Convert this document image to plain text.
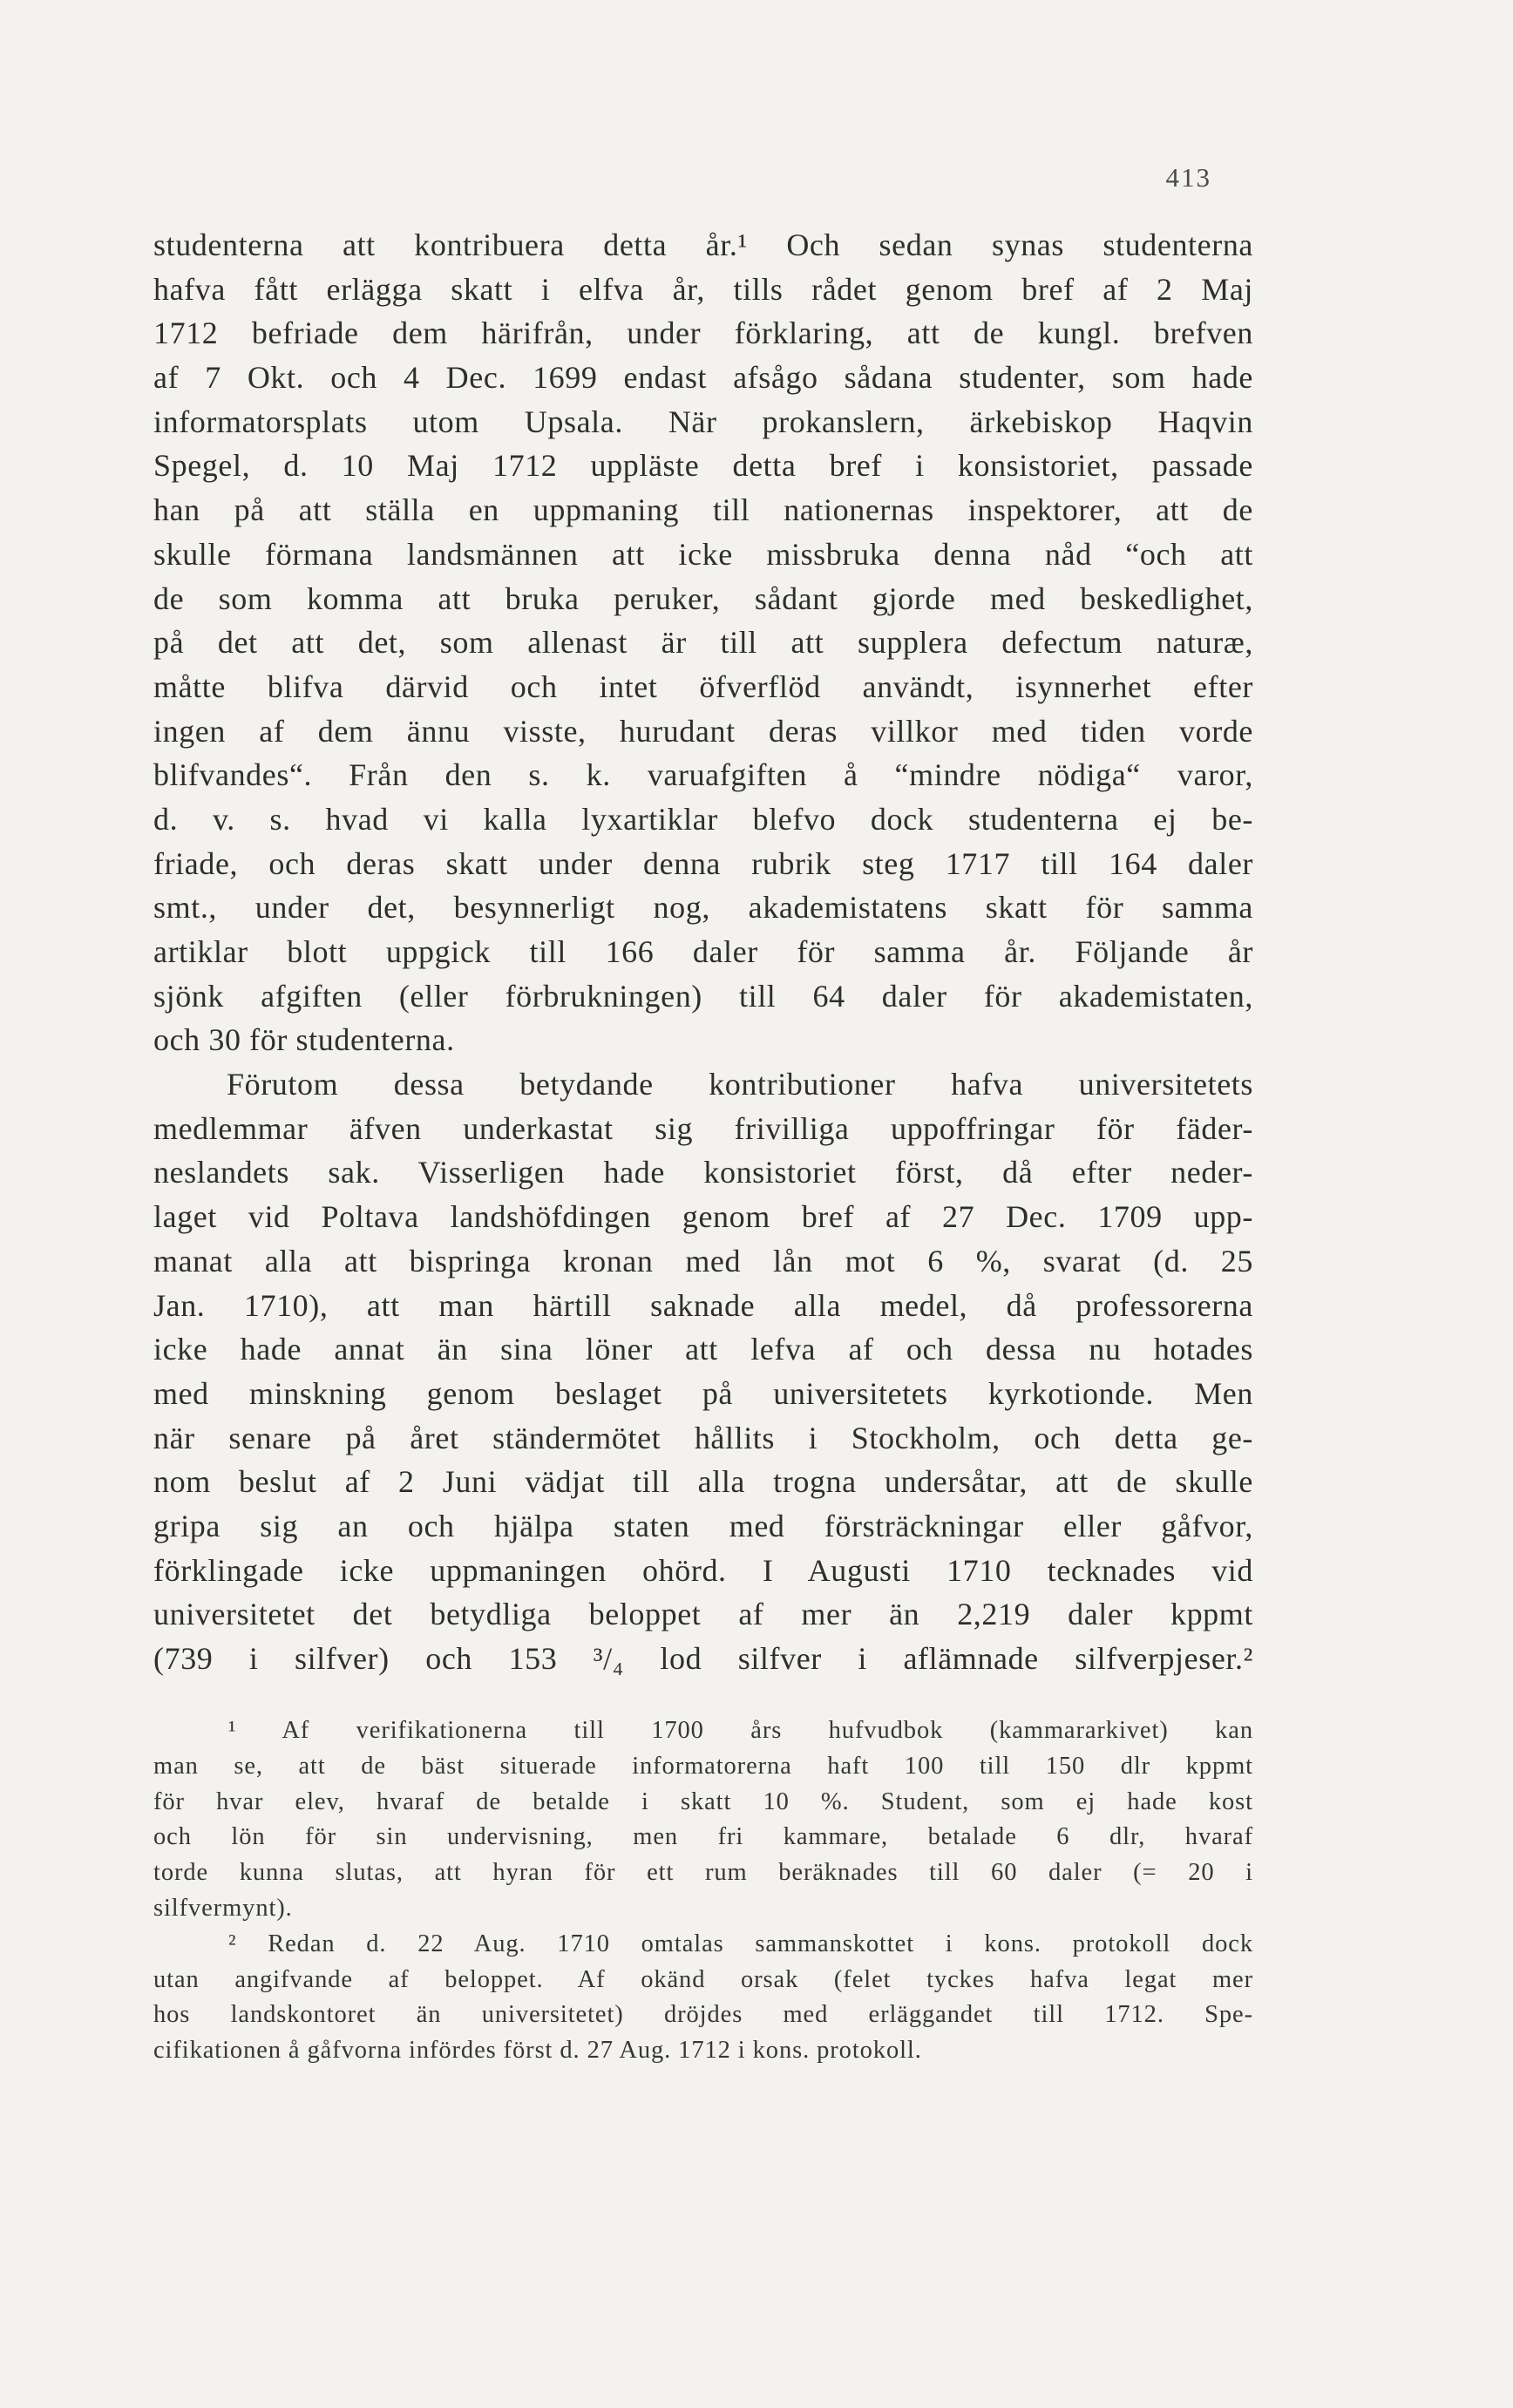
413
studenterna att kontribuera detta år.¹ Och sedan synas studenterna
hafva fått erlägga skatt i elfva år, tills rådet genom bref af 2 Maj
1712 befriade dem härifrån, under förklaring, att de kungl. brefven
af 7 Okt. och 4 Dec. 1699 endast afsågo sådana studenter, som hade
informatorsplats utom Upsala. När prokanslern, ärkebiskop Haqvin
Spegel, d. 10 Maj 1712 uppläste detta bref i konsistoriet, passade
han på att ställa en uppmaning till nationernas inspektorer, att de
skulle förmana landsmännen att icke missbruka denna nåd “och att
de som komma att bruka peruker, sådant gjorde med beskedlighet,
på det att det, som allenast är till att supplera defectum naturæ,
måtte blifva därvid och intet öfverflöd användt, isynnerhet efter
ingen af dem ännu visste, hurudant deras villkor med tiden vorde
blifvandes“. Från den s. k. varuafgiften å “mindre nödiga“ varor,
d. v. s. hvad vi kalla lyxartiklar blefvo dock studenterna ej be-
friade, och deras skatt under denna rubrik steg 1717 till 164 daler
smt., under det, besynnerligt nog, akademistatens skatt för samma
artiklar blott uppgick till 166 daler för samma år. Följande år
sjönk afgiften (eller förbrukningen) till 64 daler för akademistaten,
och 30 för studenterna.
Förutom dessa betydande kontributioner hafva universitetets
medlemmar äfven underkastat sig frivilliga uppoffringar för fäder-
neslandets sak. Visserligen hade konsistoriet först, då efter neder-
laget vid Poltava landshöfdingen genom bref af 27 Dec. 1709 upp-
manat alla att bispringa kronan med lån mot 6 %, svarat (d. 25
Jan. 1710), att man härtill saknade alla medel, då professorerna
icke hade annat än sina löner att lefva af och dessa nu hotades
med minskning genom beslaget på universitetets kyrkotionde. Men
när senare på året ständermötet hållits i Stockholm, och detta ge-
nom beslut af 2 Juni vädjat till alla trogna undersåtar, att de skulle
gripa sig an och hjälpa staten med försträckningar eller gåfvor,
förklingade icke uppmaningen ohörd. I Augusti 1710 tecknades vid
universitetet det betydliga beloppet af mer än 2,219 daler kppmt
(739 i silfver) och 153 ³/₄ lod silfver i aflämnade silfverpjeser.²
¹ Af verifikationerna till 1700 års hufvudbok (kammararkivet) kan
man se, att de bäst situerade informatorerna haft 100 till 150 dlr kppmt
för hvar elev, hvaraf de betalde i skatt 10 %. Student, som ej hade kost
och lön för sin undervisning, men fri kammare, betalade 6 dlr, hvaraf
torde kunna slutas, att hyran för ett rum beräknades till 60 daler (= 20 i
silfvermynt).
² Redan d. 22 Aug. 1710 omtalas sammanskottet i kons. protokoll dock
utan angifvande af beloppet. Af okänd orsak (felet tyckes hafva legat mer
hos landskontoret än universitetet) dröjdes med erläggandet till 1712. Spe-
cifikationen å gåfvorna infördes först d. 27 Aug. 1712 i kons. protokoll.
